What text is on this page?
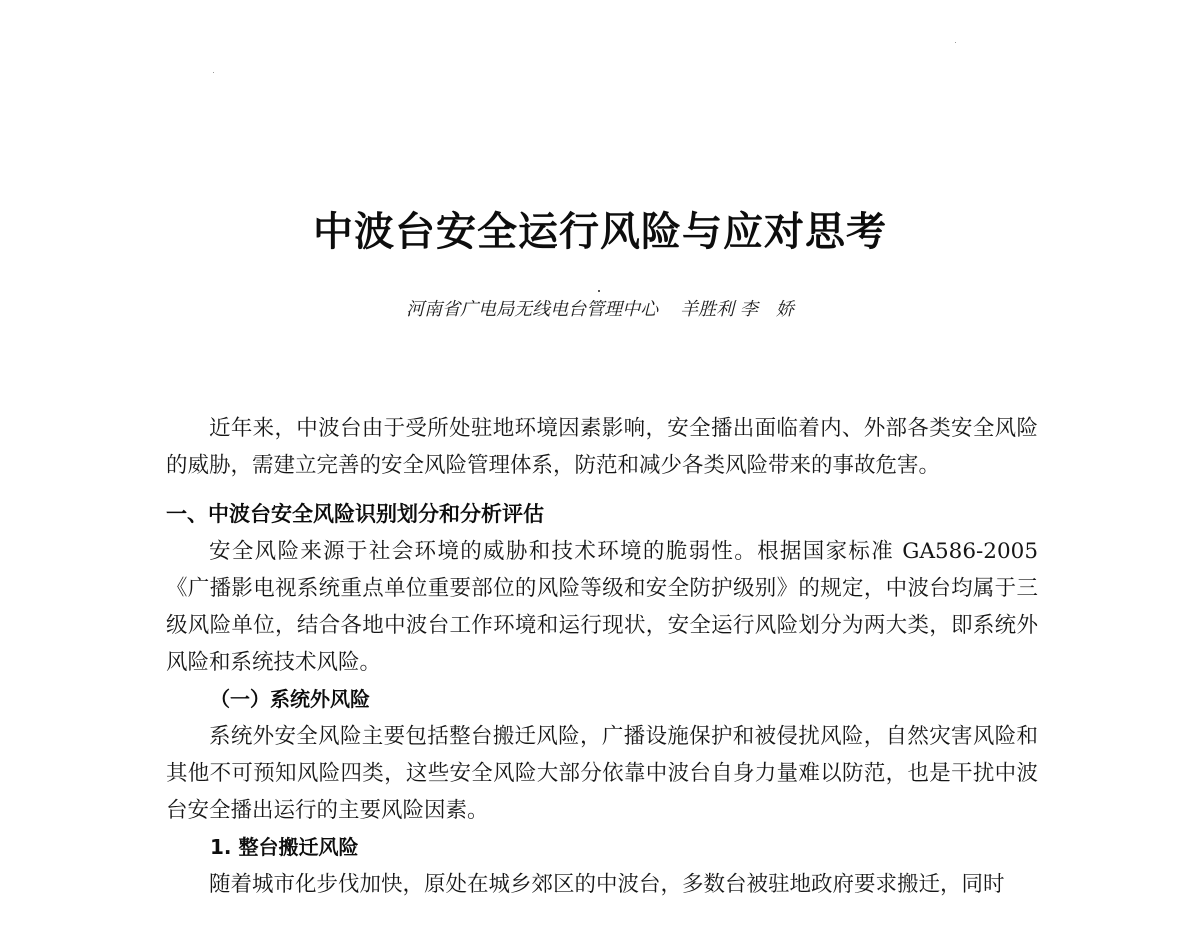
中波台安全运行风险与应对思考
河南省广电局无线电台管理中心 羊胜利 李　娇

近年来，中波台由于受所处驻地环境因素影响，安全播出面临着内、外部各类安全风险的威胁，需建立完善的安全风险管理体系，防范和减少各类风险带来的事故危害。

一、中波台安全风险识别划分和分析评估

安全风险来源于社会环境的威胁和技术环境的脆弱性。根据国家标准 GA586-2005《广播影电视系统重点单位重要部位的风险等级和安全防护级别》的规定，中波台均属于三级风险单位，结合各地中波台工作环境和运行现状，安全运行风险划分为两大类，即系统外风险和系统技术风险。

（一）系统外风险

系统外安全风险主要包括整台搬迁风险，广播设施保护和被侵扰风险，自然灾害风险和其他不可预知风险四类，这些安全风险大部分依靠中波台自身力量难以防范，也是干扰中波台安全播出运行的主要风险因素。

1. 整台搬迁风险

随着城市化步伐加快，原处在城乡郊区的中波台，多数台被驻地政府要求搬迁，同时
